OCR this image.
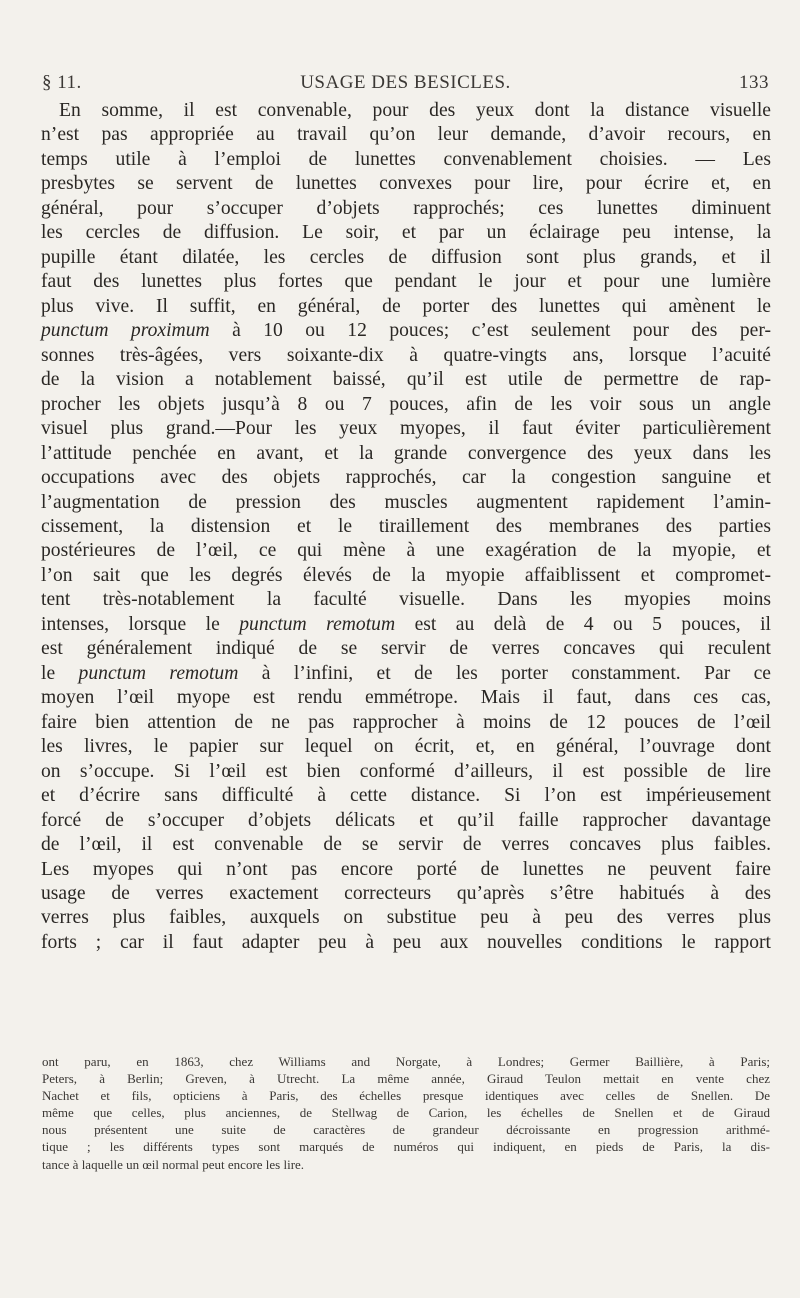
§ 11.	USAGE DES BESICLES.	133
En somme, il est convenable, pour des yeux dont la distance visuelle
n’est pas appropriée au travail qu’on leur demande, d’avoir recours, en
temps utile à l’emploi de lunettes convenablement choisies. — Les
presbytes se servent de lunettes convexes pour lire, pour écrire et, en
général, pour s’occuper d’objets rapprochés; ces lunettes diminuent
les cercles de diffusion. Le soir, et par un éclairage peu intense, la
pupille étant dilatée, les cercles de diffusion sont plus grands, et il
faut des lunettes plus fortes que pendant le jour et pour une lumière
plus vive. Il suffit, en général, de porter des lunettes qui amènent le
punctum proximum à 10 ou 12 pouces; c’est seulement pour des per-
sonnes très-âgées, vers soixante-dix à quatre-vingts ans, lorsque l’acuité
de la vision a notablement baissé, qu’il est utile de permettre de rap-
procher les objets jusqu’à 8 ou 7 pouces, afin de les voir sous un angle
visuel plus grand.—Pour les yeux myopes, il faut éviter particulièrement
l’attitude penchée en avant, et la grande convergence des yeux dans les
occupations avec des objets rapprochés, car la congestion sanguine et
l’augmentation de pression des muscles augmentent rapidement l’amin-
cissement, la distension et le tiraillement des membranes des parties
postérieures de l’œil, ce qui mène à une exagération de la myopie, et
l’on sait que les degrés élevés de la myopie affaiblissent et compromet-
tent très-notablement la faculté visuelle. Dans les myopies moins
intenses, lorsque le punctum remotum est au delà de 4 ou 5 pouces, il
est généralement indiqué de se servir de verres concaves qui reculent
le punctum remotum à l’infini, et de les porter constamment. Par ce
moyen l’œil myope est rendu emmétrope. Mais il faut, dans ces cas,
faire bien attention de ne pas rapprocher à moins de 12 pouces de l’œil
les livres, le papier sur lequel on écrit, et, en général, l’ouvrage dont
on s’occupe. Si l’œil est bien conformé d’ailleurs, il est possible de lire
et d’écrire sans difficulté à cette distance. Si l’on est impérieusement
forcé de s’occuper d’objets délicats et qu’il faille rapprocher davantage
de l’œil, il est convenable de se servir de verres concaves plus faibles.
Les myopes qui n’ont pas encore porté de lunettes ne peuvent faire
usage de verres exactement correcteurs qu’après s’être habitués à des
verres plus faibles, auxquels on substitue peu à peu des verres plus
forts ; car il faut adapter peu à peu aux nouvelles conditions le rapport
ont paru, en 1863, chez Williams and Norgate, à Londres; Germer Baillière, à Paris;
Peters, à Berlin; Greven, à Utrecht. La même année, Giraud Teulon mettait en vente chez
Nachet et fils, opticiens à Paris, des échelles presque identiques avec celles de Snellen. De
même que celles, plus anciennes, de Stellwag de Carion, les échelles de Snellen et de Giraud
nous présentent une suite de caractères de grandeur décroissante en progression arithmé-
tique ; les différents types sont marqués de numéros qui indiquent, en pieds de Paris, la dis-
tance à laquelle un œil normal peut encore les lire.
